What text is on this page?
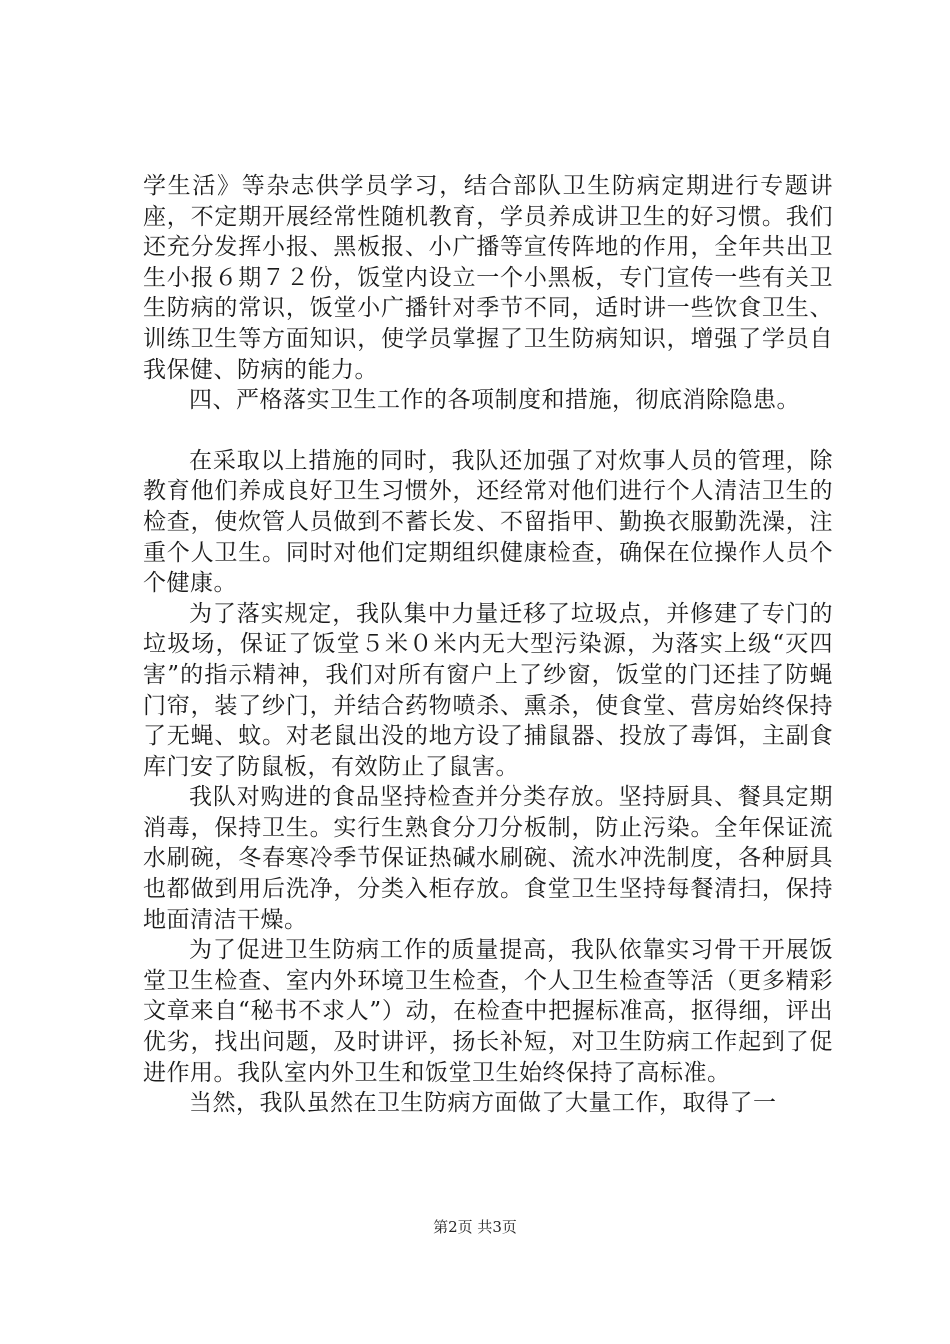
学生活》等杂志供学员学习，结合部队卫生防病定期进行专题讲座，不定期开展经常性随机教育，学员养成讲卫生的好习惯。我们还充分发挥小报、黑板报、小广播等宣传阵地的作用，全年共出卫生小报６期７２份，饭堂内设立一个小黑板，专门宣传一些有关卫生防病的常识，饭堂小广播针对季节不同，适时讲一些饮食卫生、训练卫生等方面知识，使学员掌握了卫生防病知识，增强了学员自我保健、防病的能力。

四、严格落实卫生工作的各项制度和措施，彻底消除隐患。

在采取以上措施的同时，我队还加强了对炊事人员的管理，除教育他们养成良好卫生习惯外，还经常对他们进行个人清洁卫生的检查，使炊管人员做到不蓄长发、不留指甲、勤换衣服勤洗澡，注重个人卫生。同时对他们定期组织健康检查，确保在位操作人员个个健康。

为了落实规定，我队集中力量迁移了垃圾点，并修建了专门的垃圾场，保证了饭堂５米０米内无大型污染源，为落实上级“灭四害”的指示精神，我们对所有窗户上了纱窗，饭堂的门还挂了防蝇门帘，装了纱门，并结合药物喷杀、熏杀，使食堂、营房始终保持了无蝇、蚊。对老鼠出没的地方设了捕鼠器、投放了毒饵，主副食库门安了防鼠板，有效防止了鼠害。

我队对购进的食品坚持检查并分类存放。坚持厨具、餐具定期消毒，保持卫生。实行生熟食分刀分板制，防止污染。全年保证流水刷碗，冬春寒冷季节保证热碱水刷碗、流水冲洗制度，各种厨具也都做到用后洗净，分类入柜存放。食堂卫生坚持每餐清扫，保持地面清洁干燥。

为了促进卫生防病工作的质量提高，我队依靠实习骨干开展饭堂卫生检查、室内外环境卫生检查，个人卫生检查等活（更多精彩文章来自“秘书不求人”）动，在检查中把握标准高，抠得细，评出优劣，找出问题，及时讲评，扬长补短，对卫生防病工作起到了促进作用。我队室内外卫生和饭堂卫生始终保持了高标准。

当然，我队虽然在卫生防病方面做了大量工作，取得了一

第2页 共3页
